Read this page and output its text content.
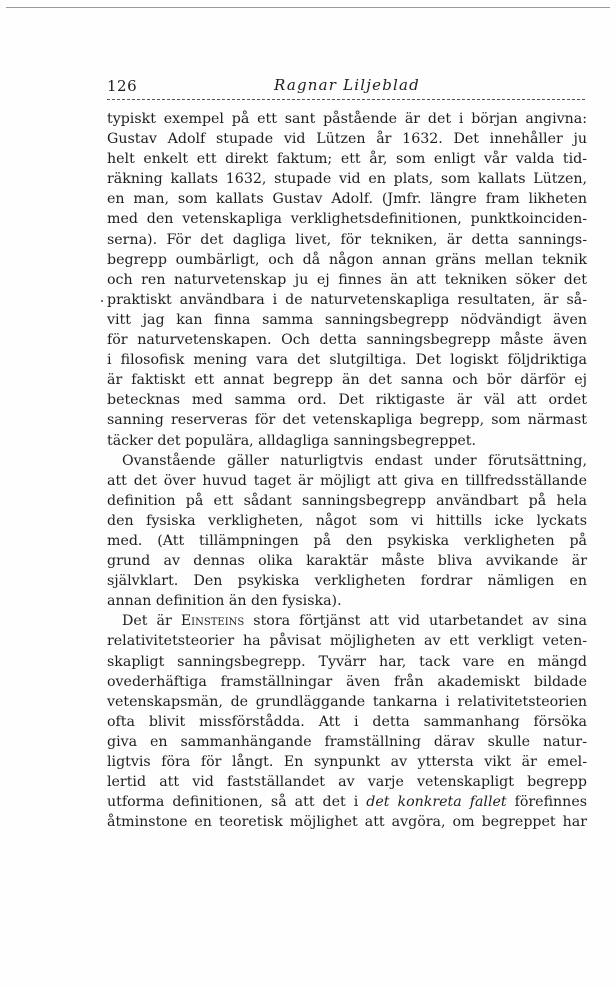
126	Ragnar Liljeblad
typiskt exempel på ett sant påstående är det i början angivna:
Gustav Adolf stupade vid Lützen år 1632. Det innehåller ju
helt enkelt ett direkt faktum; ett år, som enligt vår valda tid-
räkning kallats 1632, stupade vid en plats, som kallats Lützen,
en man, som kallats Gustav Adolf. (Jmfr. längre fram likheten
med den vetenskapliga verklighetsdefinitionen, punktkoinciden-
serna). För det dagliga livet, för tekniken, är detta sannings-
begrepp oumbärligt, och då någon annan gräns mellan teknik
och ren naturvetenskap ju ej finnes än att tekniken söker det
praktiskt användbara i de naturvetenskapliga resultaten, är så-
vitt jag kan finna samma sanningsbegrepp nödvändigt även
för naturvetenskapen. Och detta sanningsbegrepp måste även
i filosofisk mening vara det slutgiltiga. Det logiskt följdriktiga
är faktiskt ett annat begrepp än det sanna och bör därför ej
betecknas med samma ord. Det riktigaste är väl att ordet
sanning reserveras för det vetenskapliga begrepp, som närmast
täcker det populära, alldagliga sanningsbegreppet.
Ovanstående gäller naturligtvis endast under förutsättning,
att det över huvud taget är möjligt att giva en tillfredsställande
definition på ett sådant sanningsbegrepp användbart på hela
den fysiska verkligheten, något som vi hittills icke lyckats
med. (Att tillämpningen på den psykiska verkligheten på
grund av dennas olika karaktär måste bliva avvikande är
självklart. Den psykiska verkligheten fordrar nämligen en
annan definition än den fysiska).
Det är Einsteins stora förtjänst att vid utarbetandet av sina
relativitetsteorier ha påvisat möjligheten av ett verkligt veten-
skapligt sanningsbegrepp. Tyvärr har, tack vare en mängd
ovederhäftiga framställningar även från akademiskt bildade
vetenskapsmän, de grundläggande tankarna i relativitetsteorien
ofta blivit missförstådda. Att i detta sammanhang försöka
giva en sammanhängande framställning därav skulle natur-
ligtvis föra för långt. En synpunkt av yttersta vikt är emel-
lertid att vid fastställandet av varje vetenskapligt begrepp
utforma definitionen, så att det i det konkreta fallet förefinnes
åtminstone en teoretisk möjlighet att avgöra, om begreppet har
